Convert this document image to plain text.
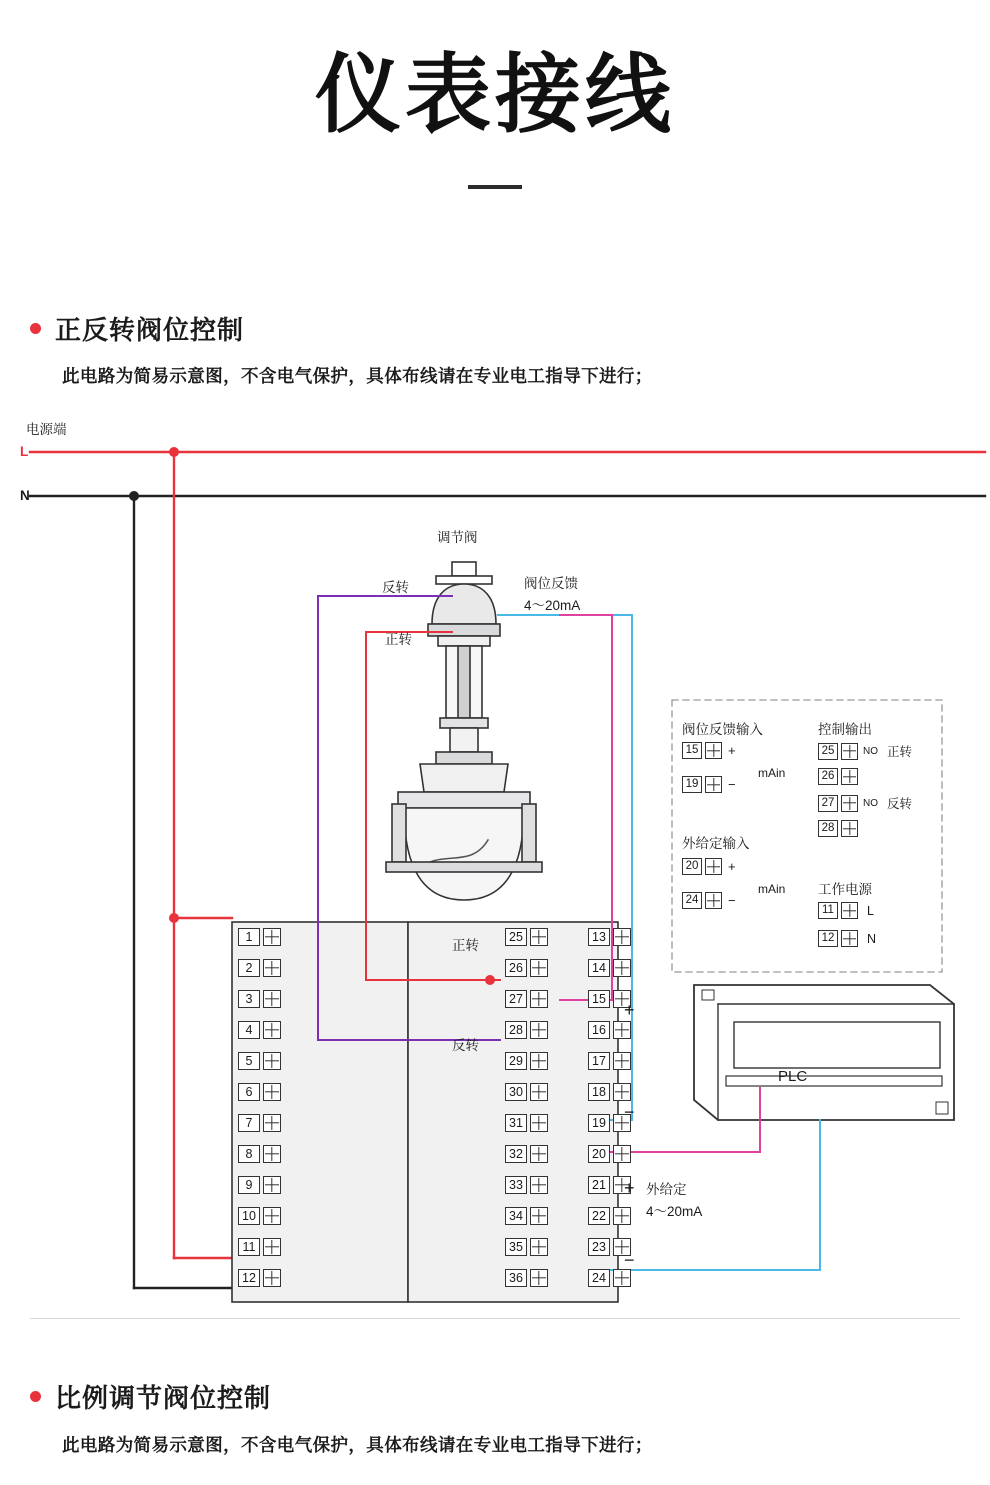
仪表接线
正反转阀位控制
此电路为简易示意图，不含电气保护，具体布线请在专业电工指导下进行；
电源端
L
N
调节阀
反转
正转
阀位反馈
4～20mA
正转
反转
外给定
4～20mA
PLC
1
2
3
4
5
6
7
8
9
10
11
12
25
26
27
28
29
30
31
32
33
34
35
36
13
14
15
16
17
18
19
20
21
22
23
24
+
−
+
−
阀位反馈输入	控制输出
外给定输入
工作电源
15 +
19 −
20 +
24 −
25	NO 正转
26
27	NO 反转
28
11	L
12	N
mAin
mAin
比例调节阀位控制
此电路为简易示意图，不含电气保护，具体布线请在专业电工指导下进行；
